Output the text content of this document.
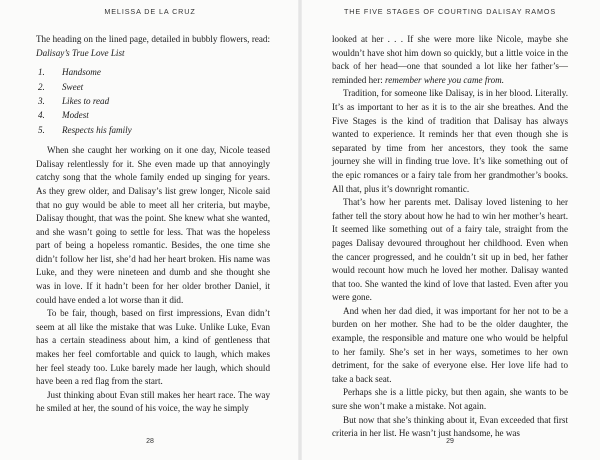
MELISSA DE LA CRUZ

The heading on the lined page, detailed in bubbly flowers, read: Dalisay’s True Love List

1. Handsome
2. Sweet
3. Likes to read
4. Modest
5. Respects his family

When she caught her working on it one day, Nicole teased Dalisay relentlessly for it. She even made up that annoyingly catchy song that the whole family ended up singing for years. As they grew older, and Dalisay’s list grew longer, Nicole said that no guy would be able to meet all her criteria, but maybe, Dalisay thought, that was the point. She knew what she wanted, and she wasn’t going to settle for less. That was the hopeless part of being a hopeless romantic. Besides, the one time she didn’t follow her list, she’d had her heart broken. His name was Luke, and they were nineteen and dumb and she thought she was in love. If it hadn’t been for her older brother Daniel, it could have ended a lot worse than it did.

To be fair, though, based on first impressions, Evan didn’t seem at all like the mistake that was Luke. Unlike Luke, Evan has a certain steadiness about him, a kind of gentleness that makes her feel comfortable and quick to laugh, which makes her feel steady too. Luke barely made her laugh, which should have been a red flag from the start.

Just thinking about Evan still makes her heart race. The way he smiled at her, the sound of his voice, the way he simply

28
THE FIVE STAGES OF COURTING DALISAY RAMOS

looked at her . . . If she were more like Nicole, maybe she wouldn’t have shot him down so quickly, but a little voice in the back of her head—one that sounded a lot like her father’s—reminded her: remember where you came from.

Tradition, for someone like Dalisay, is in her blood. Literally. It’s as important to her as it is to the air she breathes. And the Five Stages is the kind of tradition that Dalisay has always wanted to experience. It reminds her that even though she is separated by time from her ancestors, they took the same journey she will in finding true love. It’s like something out of the epic romances or a fairy tale from her grandmother’s books. All that, plus it’s downright romantic.

That’s how her parents met. Dalisay loved listening to her father tell the story about how he had to win her mother’s heart. It seemed like something out of a fairy tale, straight from the pages Dalisay devoured throughout her childhood. Even when the cancer progressed, and he couldn’t sit up in bed, her father would recount how much he loved her mother. Dalisay wanted that too. She wanted the kind of love that lasted. Even after you were gone.

And when her dad died, it was important for her not to be a burden on her mother. She had to be the older daughter, the example, the responsible and mature one who would be helpful to her family. She’s set in her ways, sometimes to her own detriment, for the sake of everyone else. Her love life had to take a back seat.

Perhaps she is a little picky, but then again, she wants to be sure she won’t make a mistake. Not again.

But now that she’s thinking about it, Evan exceeded that first criteria in her list. He wasn’t just handsome, he was

29
